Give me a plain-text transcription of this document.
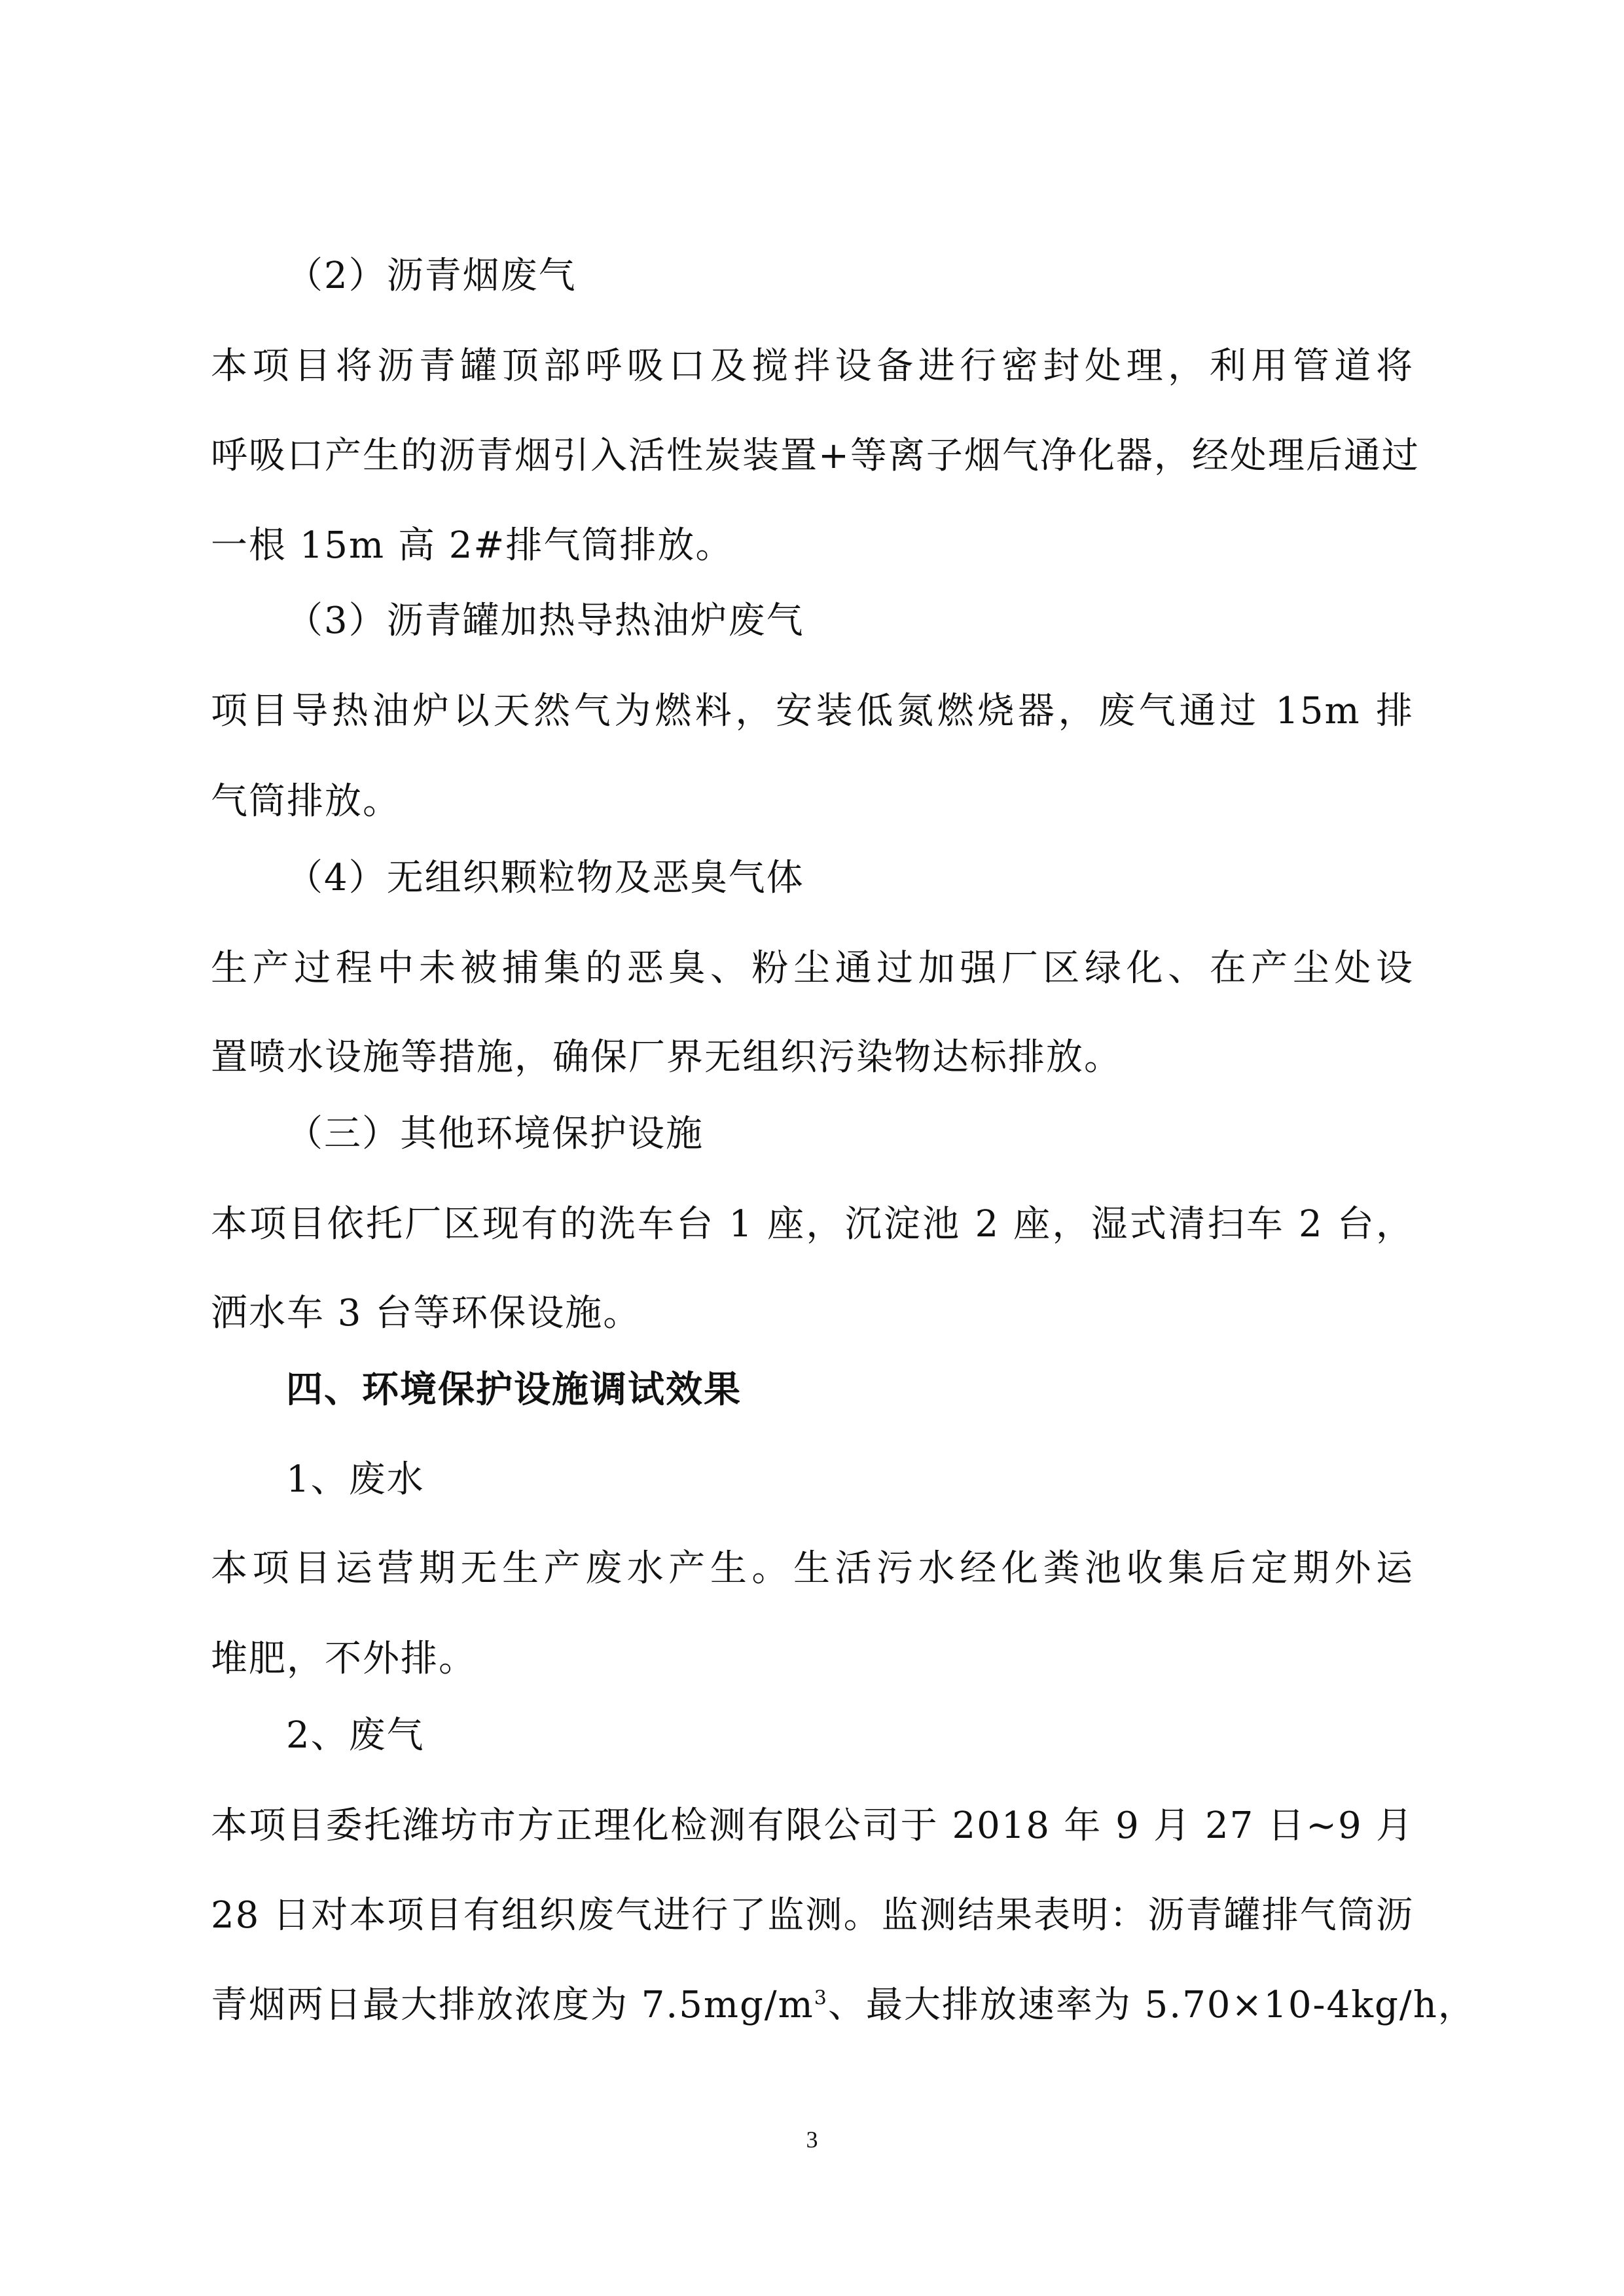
（2）沥青烟废气

本项目将沥青罐顶部呼吸口及搅拌设备进行密封处理，利用管道将

呼吸口产生的沥青烟引入活性炭装置+等离子烟气净化器，经处理后通过

一根 15m 高 2#排气筒排放。

（3）沥青罐加热导热油炉废气

项目导热油炉以天然气为燃料，安装低氮燃烧器，废气通过 15m 排

气筒排放。

（4）无组织颗粒物及恶臭气体

生产过程中未被捕集的恶臭、粉尘通过加强厂区绿化、在产尘处设

置喷水设施等措施，确保厂界无组织污染物达标排放。

（三）其他环境保护设施

本项目依托厂区现有的洗车台 1 座，沉淀池 2 座，湿式清扫车 2 台，

洒水车 3 台等环保设施。

四、环境保护设施调试效果

1、废水

本项目运营期无生产废水产生。生活污水经化粪池收集后定期外运

堆肥，不外排。

2、废气

本项目委托潍坊市方正理化检测有限公司于 2018 年 9 月 27 日~9 月

28 日对本项目有组织废气进行了监测。监测结果表明：沥青罐排气筒沥

青烟两日最大排放浓度为 $7.5mg/m^3$、最大排放速率为 5.70×10-4kg/h，

3
